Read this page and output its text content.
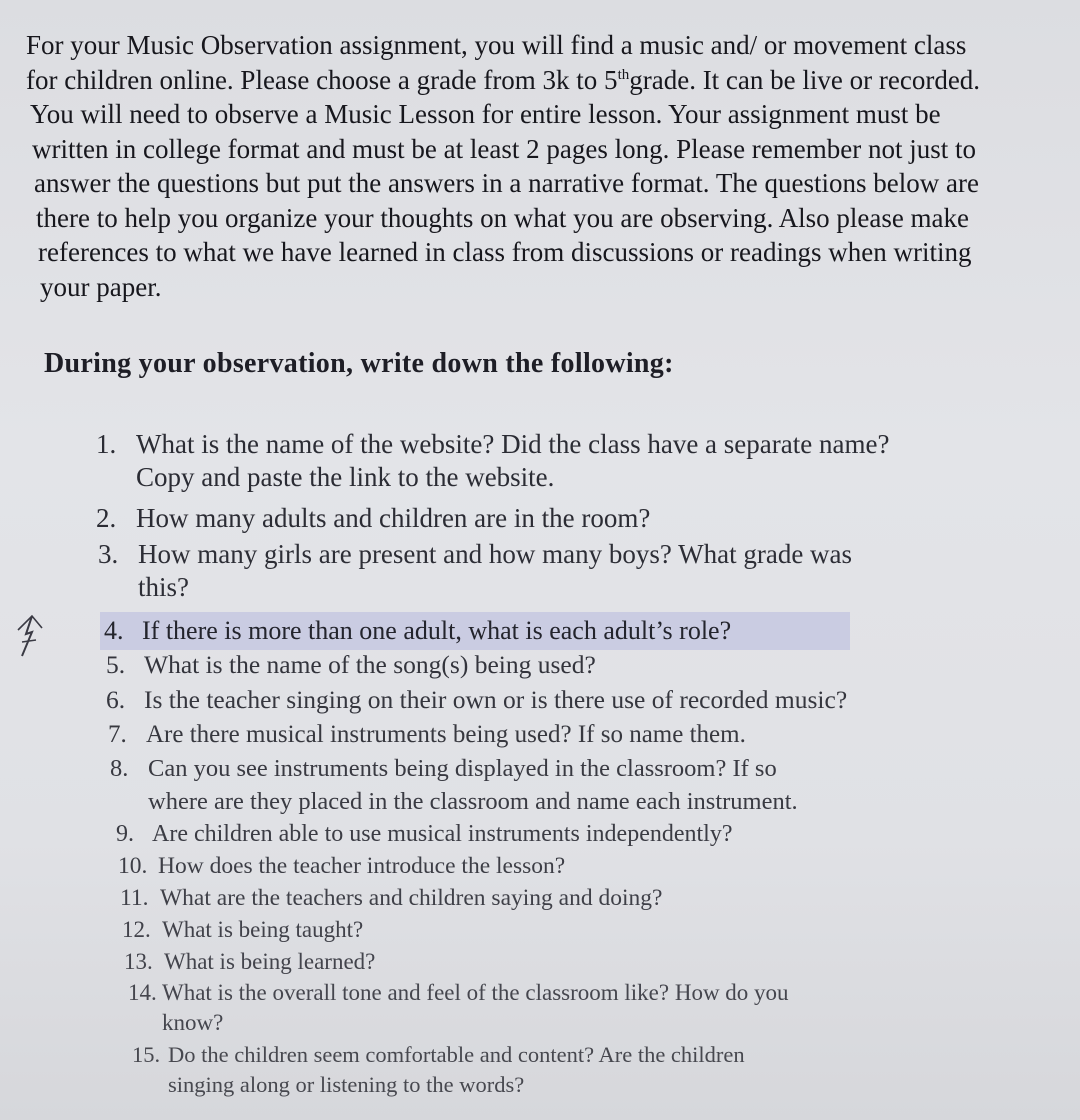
For your Music Observation assignment, you will find a music and/ or movement class
for children online. Please choose a grade from 3k to 5thgrade. It can be live or recorded.
You will need to observe a Music Lesson for entire lesson. Your assignment must be
written in college format and must be at least 2 pages long. Please remember not just to
answer the questions but put the answers in a narrative format. The questions below are
there to help you organize your thoughts on what you are observing. Also please make
references to what we have learned in class from discussions or readings when writing
your paper.
During your observation, write down the following:
1. What is the name of the website? Did the class have a separate name?
Copy and paste the link to the website.
2. How many adults and children are in the room?
3. How many girls are present and how many boys? What grade was
this?
4. If there is more than one adult, what is each adult’s role?
5. What is the name of the song(s) being used?
6. Is the teacher singing on their own or is there use of recorded music?
7. Are there musical instruments being used? If so name them.
8. Can you see instruments being displayed in the classroom? If so
where are they placed in the classroom and name each instrument.
9. Are children able to use musical instruments independently?
10. How does the teacher introduce the lesson?
11. What are the teachers and children saying and doing?
12. What is being taught?
13. What is being learned?
14. What is the overall tone and feel of the classroom like? How do you
know?
15. Do the children seem comfortable and content? Are the children
singing along or listening to the words?
